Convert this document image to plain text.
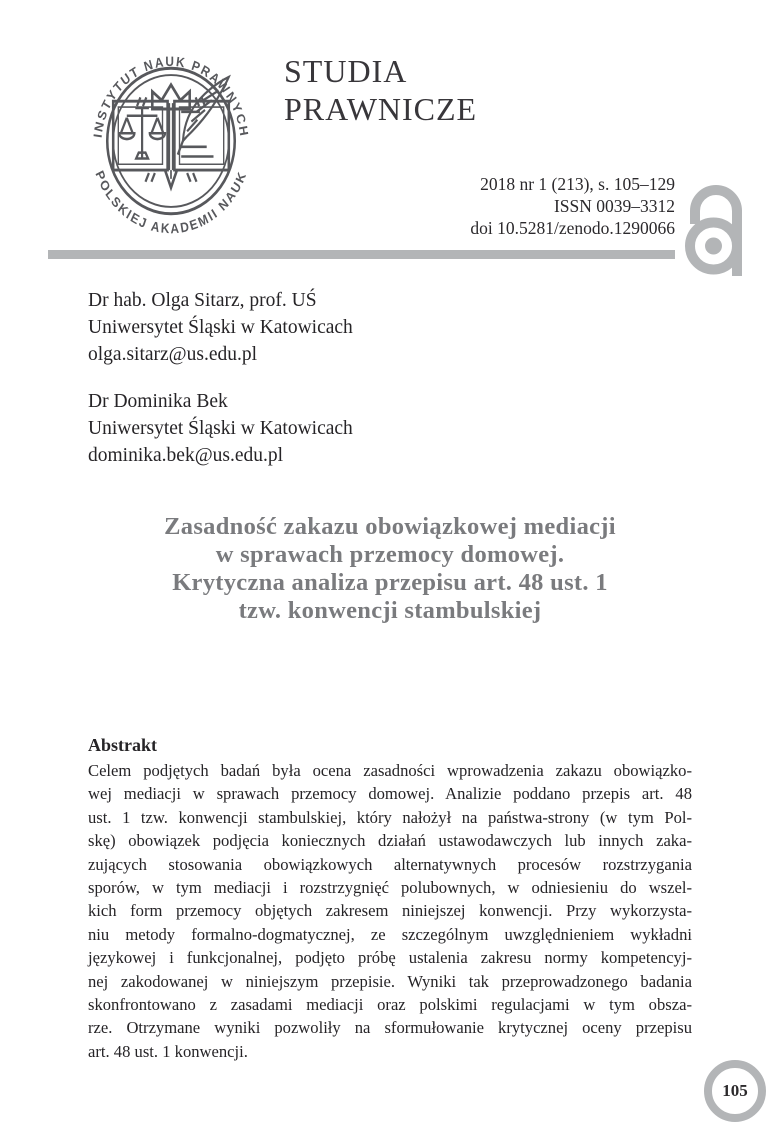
INSTYTUT NAUK PRAWNYCH
POLSKIEJ AKADEMII NAUK
STUDIA
PRAWNICZE
2018 nr 1 (213), s. 105–129
ISSN 0039–3312
doi 10.5281/zenodo.1290066
Dr hab. Olga Sitarz, prof. UŚ
Uniwersytet Śląski w Katowicach
olga.sitarz@us.edu.pl
Dr Dominika Bek
Uniwersytet Śląski w Katowicach
dominika.bek@us.edu.pl
Zasadność zakazu obowiązkowej mediacji
w sprawach przemocy domowej.
Krytyczna analiza przepisu art. 48 ust. 1
tzw. konwencji stambulskiej
Abstrakt
Celem podjętych badań była ocena zasadności wprowadzenia zakazu obowiązko-
wej mediacji w sprawach przemocy domowej. Analizie poddano przepis art. 48
ust. 1 tzw. konwencji stambulskiej, który nałożył na państwa-strony (w tym Pol-
skę) obowiązek podjęcia koniecznych działań ustawodawczych lub innych zaka-
zujących stosowania obowiązkowych alternatywnych procesów rozstrzygania
sporów, w tym mediacji i rozstrzygnięć polubownych, w odniesieniu do wszel-
kich form przemocy objętych zakresem niniejszej konwencji. Przy wykorzysta-
niu metody formalno-dogmatycznej, ze szczególnym uwzględnieniem wykładni
językowej i funkcjonalnej, podjęto próbę ustalenia zakresu normy kompetencyj-
nej zakodowanej w niniejszym przepisie. Wyniki tak przeprowadzonego badania
skonfrontowano z zasadami mediacji oraz polskimi regulacjami w tym obsza-
rze. Otrzymane wyniki pozwoliły na sformułowanie krytycznej oceny przepisu
art. 48 ust. 1 konwencji.
105
